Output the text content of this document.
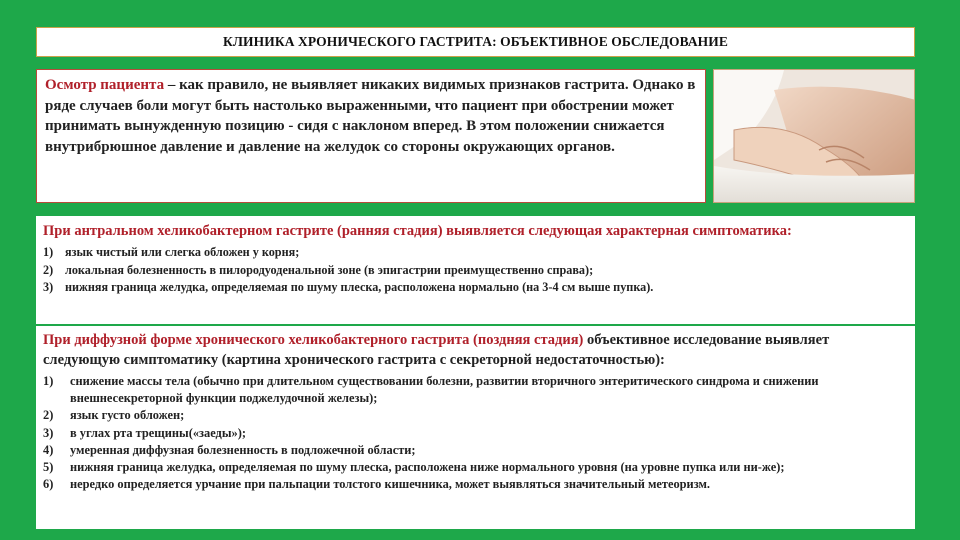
КЛИНИКА ХРОНИЧЕСКОГО ГАСТРИТА: ОБЪЕКТИВНОЕ ОБСЛЕДОВАНИЕ
Осмотр пациента – как правило, не выявляет никаких видимых признаков гастрита. Однако в ряде случаев боли могут быть настолько выраженными, что пациент при обострении может принимать вынужденную позицию - сидя с наклоном вперед. В этом положении снижается внутрибрюшное давление и давление на желудок со стороны окружающих органов.
При антральном хеликобактерном гастрите (ранняя стадия) выявляется следующая характерная симптоматика:
1) язык чистый или слегка обложен у корня;
2) локальная болезненность в пилородуоденальной зоне (в эпигастрии преимущественно справа);
3) нижняя граница желудка, определяемая по шуму плеска, расположена нормально (на 3-4 см выше пупка).
При диффузной форме хронического хеликобактерного гастрита (поздняя стадия) объективное исследование выявляет следующую симптоматику (картина хронического гастрита с секреторной недостаточностью):
1)	снижение массы тела (обычно при длительном существовании болезни, развитии вторичного энтеритического синдрома и снижении внешнесекреторной функции поджелудочной железы);
2)	язык густо обложен;
3)	в углах рта трещины(«заеды»);
4)	умеренная диффузная болезненность в подложечной области;
5)	нижняя граница желудка, определяемая по шуму плеска, расположена ниже нормального уровня (на уровне пупка или ни-же);
6)	нередко определяется урчание при пальпации толстого кишечника, может выявляться значительный метеоризм.
